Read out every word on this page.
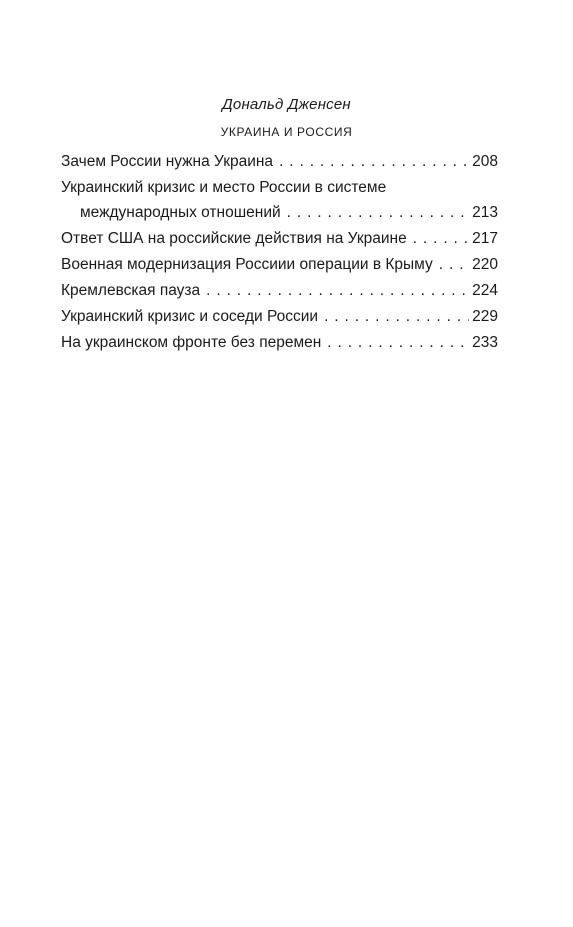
Дональд Дженсен
УКРАИНА И РОССИЯ
Зачем России нужна Украина . . .	208
Украинский кризис и место России в системе
международных отношений . . .	213
Ответ США на российские действия на Украине . . .	217
Военная модернизация Россиии операции в Крыму . . .	220
Кремлевская пауза . . .	224
Украинский кризис и соседи России . . .	229
На украинском фронте без перемен . . .	233
